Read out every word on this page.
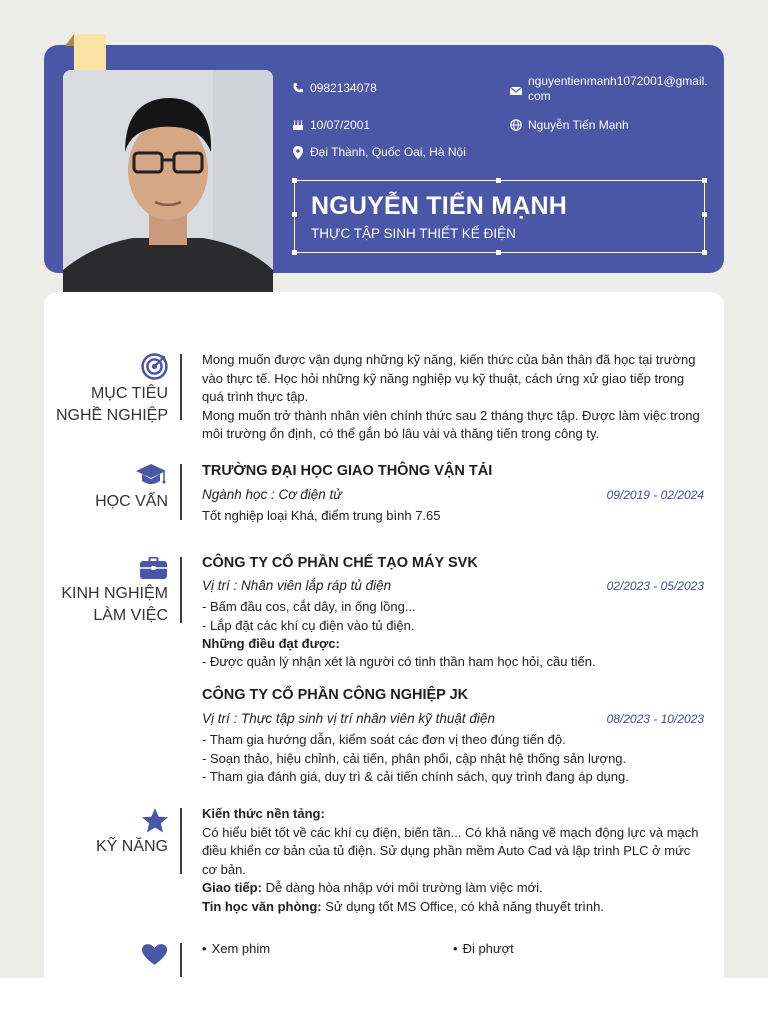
0982134078	nguyentienmanh1072001@gmail.
com
10/07/2001	Nguyễn Tiến Mạnh
Đại Thành, Quốc Oai, Hà Nội
NGUYỄN TIẾN MẠNH
THỰC TẬP SINH THIẾT KẾ ĐIỆN
MỤC TIÊU
NGHỀ NGHIỆP

Mong muốn được vận dụng những kỹ năng, kiến thức của bản thân đã học tại trường vào thực tế. Học hỏi những kỹ năng nghiệp vụ kỹ thuật, cách ứng xử giao tiếp trong quá trình thực tập.

Mong muốn trở thành nhân viên chính thức sau 2 tháng thực tập. Được làm việc trong môi trường ổn định, có thể gắn bó lâu vài và thăng tiến trong công ty.

HỌC VẤN
TRƯỜNG ĐẠI HỌC GIAO THÔNG VẬN TẢI
Ngành học : Cơ điện tử	09/2019 - 02/2024
Tốt nghiệp loại Khá, điểm trung bình 7.65
KINH NGHIỆM
LÀM VIỆC
CÔNG TY CỔ PHẦN CHẾ TẠO MÁY SVK
Vị trí : Nhân viên lắp ráp tủ điện	02/2023 - 05/2023
- Bấm đầu cos, cắt dây, in ống lồng...
- Lắp đặt các khí cụ điện vào tủ điện.
Những điều đạt được:
- Được quản lý nhận xét là người có tinh thần ham học hỏi, cầu tiến.
CÔNG TY CỔ PHẦN CÔNG NGHIỆP JK
Vị trí : Thực tập sinh vị trí nhân viên kỹ thuật điện	08/2023 - 10/2023
- Tham gia hướng dẫn, kiểm soát các đơn vị theo đúng tiến độ.
- Soạn thảo, hiệu chỉnh, cải tiến, phân phối, cập nhật hệ thống sản lượng.
- Tham gia đánh giá, duy trì & cải tiến chính sách, quy trình đang áp dụng.
KỸ NĂNG

Kiến thức nền tảng:

Có hiểu biết tốt về các khí cụ điện, biến tần... Có khả năng vẽ mạch động lực và mạch điều khiển cơ bản của tủ điện. Sử dụng phần mềm Auto Cad và lập trình PLC ở mức cơ bản.

Giao tiếp: Dễ dàng hòa nhập với môi trường làm việc mới.

Tin học văn phòng: Sử dụng tốt MS Office, có khả năng thuyết trình.

• Xem phim
•	Đi phượt
